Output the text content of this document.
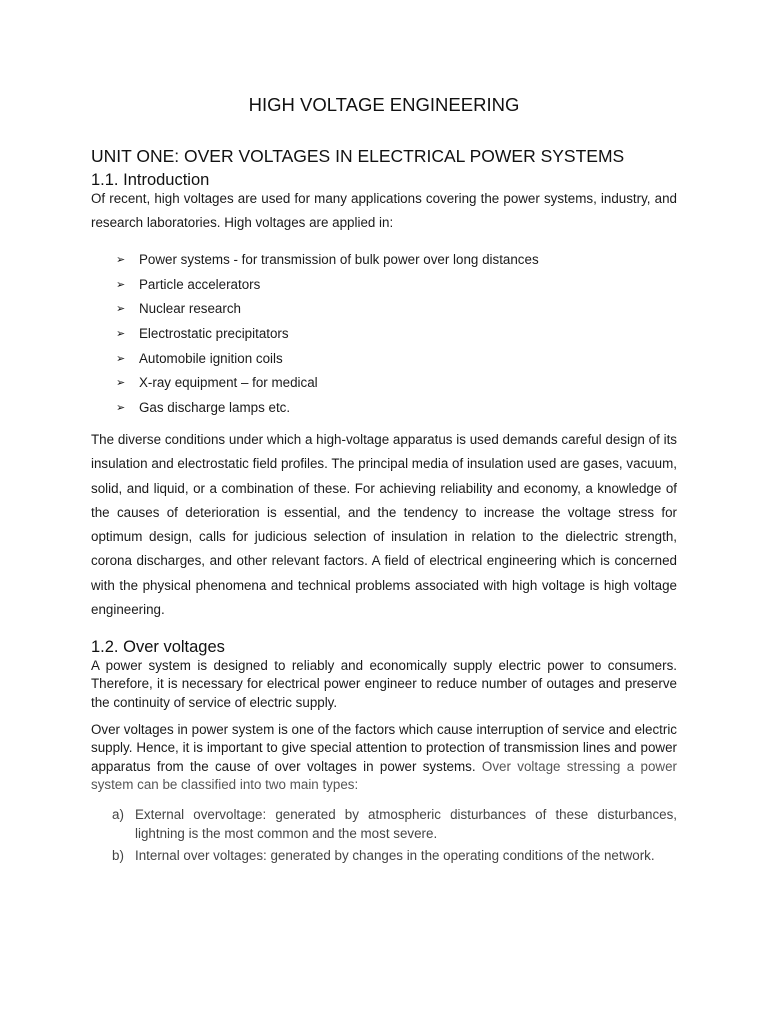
HIGH VOLTAGE ENGINEERING
UNIT ONE: OVER VOLTAGES IN ELECTRICAL POWER SYSTEMS
1.1. Introduction

Of recent, high voltages are used for many applications covering the power systems, industry, and research laboratories. High voltages are applied in:

➢	Power systems - for transmission of bulk power over long distances
➢	Particle accelerators
➢	Nuclear research
➢	Electrostatic precipitators
➢	Automobile ignition coils
➢	X-ray equipment – for medical
➢	Gas discharge lamps etc.

The diverse conditions under which a high-voltage apparatus is used demands careful design of its insulation and electrostatic field profiles. The principal media of insulation used are gases, vacuum, solid, and liquid, or a combination of these. For achieving reliability and economy, a knowledge of the causes of deterioration is essential, and the tendency to increase the voltage stress for optimum design, calls for judicious selection of insulation in relation to the dielectric strength, corona discharges, and other relevant factors. A field of electrical engineering which is concerned with the physical phenomena and technical problems associated with high voltage is high voltage engineering.

1.2. Over voltages

A power system is designed to reliably and economically supply electric power to consumers. Therefore, it is necessary for electrical power engineer to reduce number of outages and preserve the continuity of service of electric supply.

Over voltages in power system is one of the factors which cause interruption of service and electric supply. Hence, it is important to give special attention to protection of transmission lines and power apparatus from the cause of over voltages in power systems. Over voltage stressing a power system can be classified into two main types:

a) External overvoltage: generated by atmospheric disturbances of these disturbances, lightning is the most common and the most severe.
b) Internal over voltages: generated by changes in the operating conditions of the network.
